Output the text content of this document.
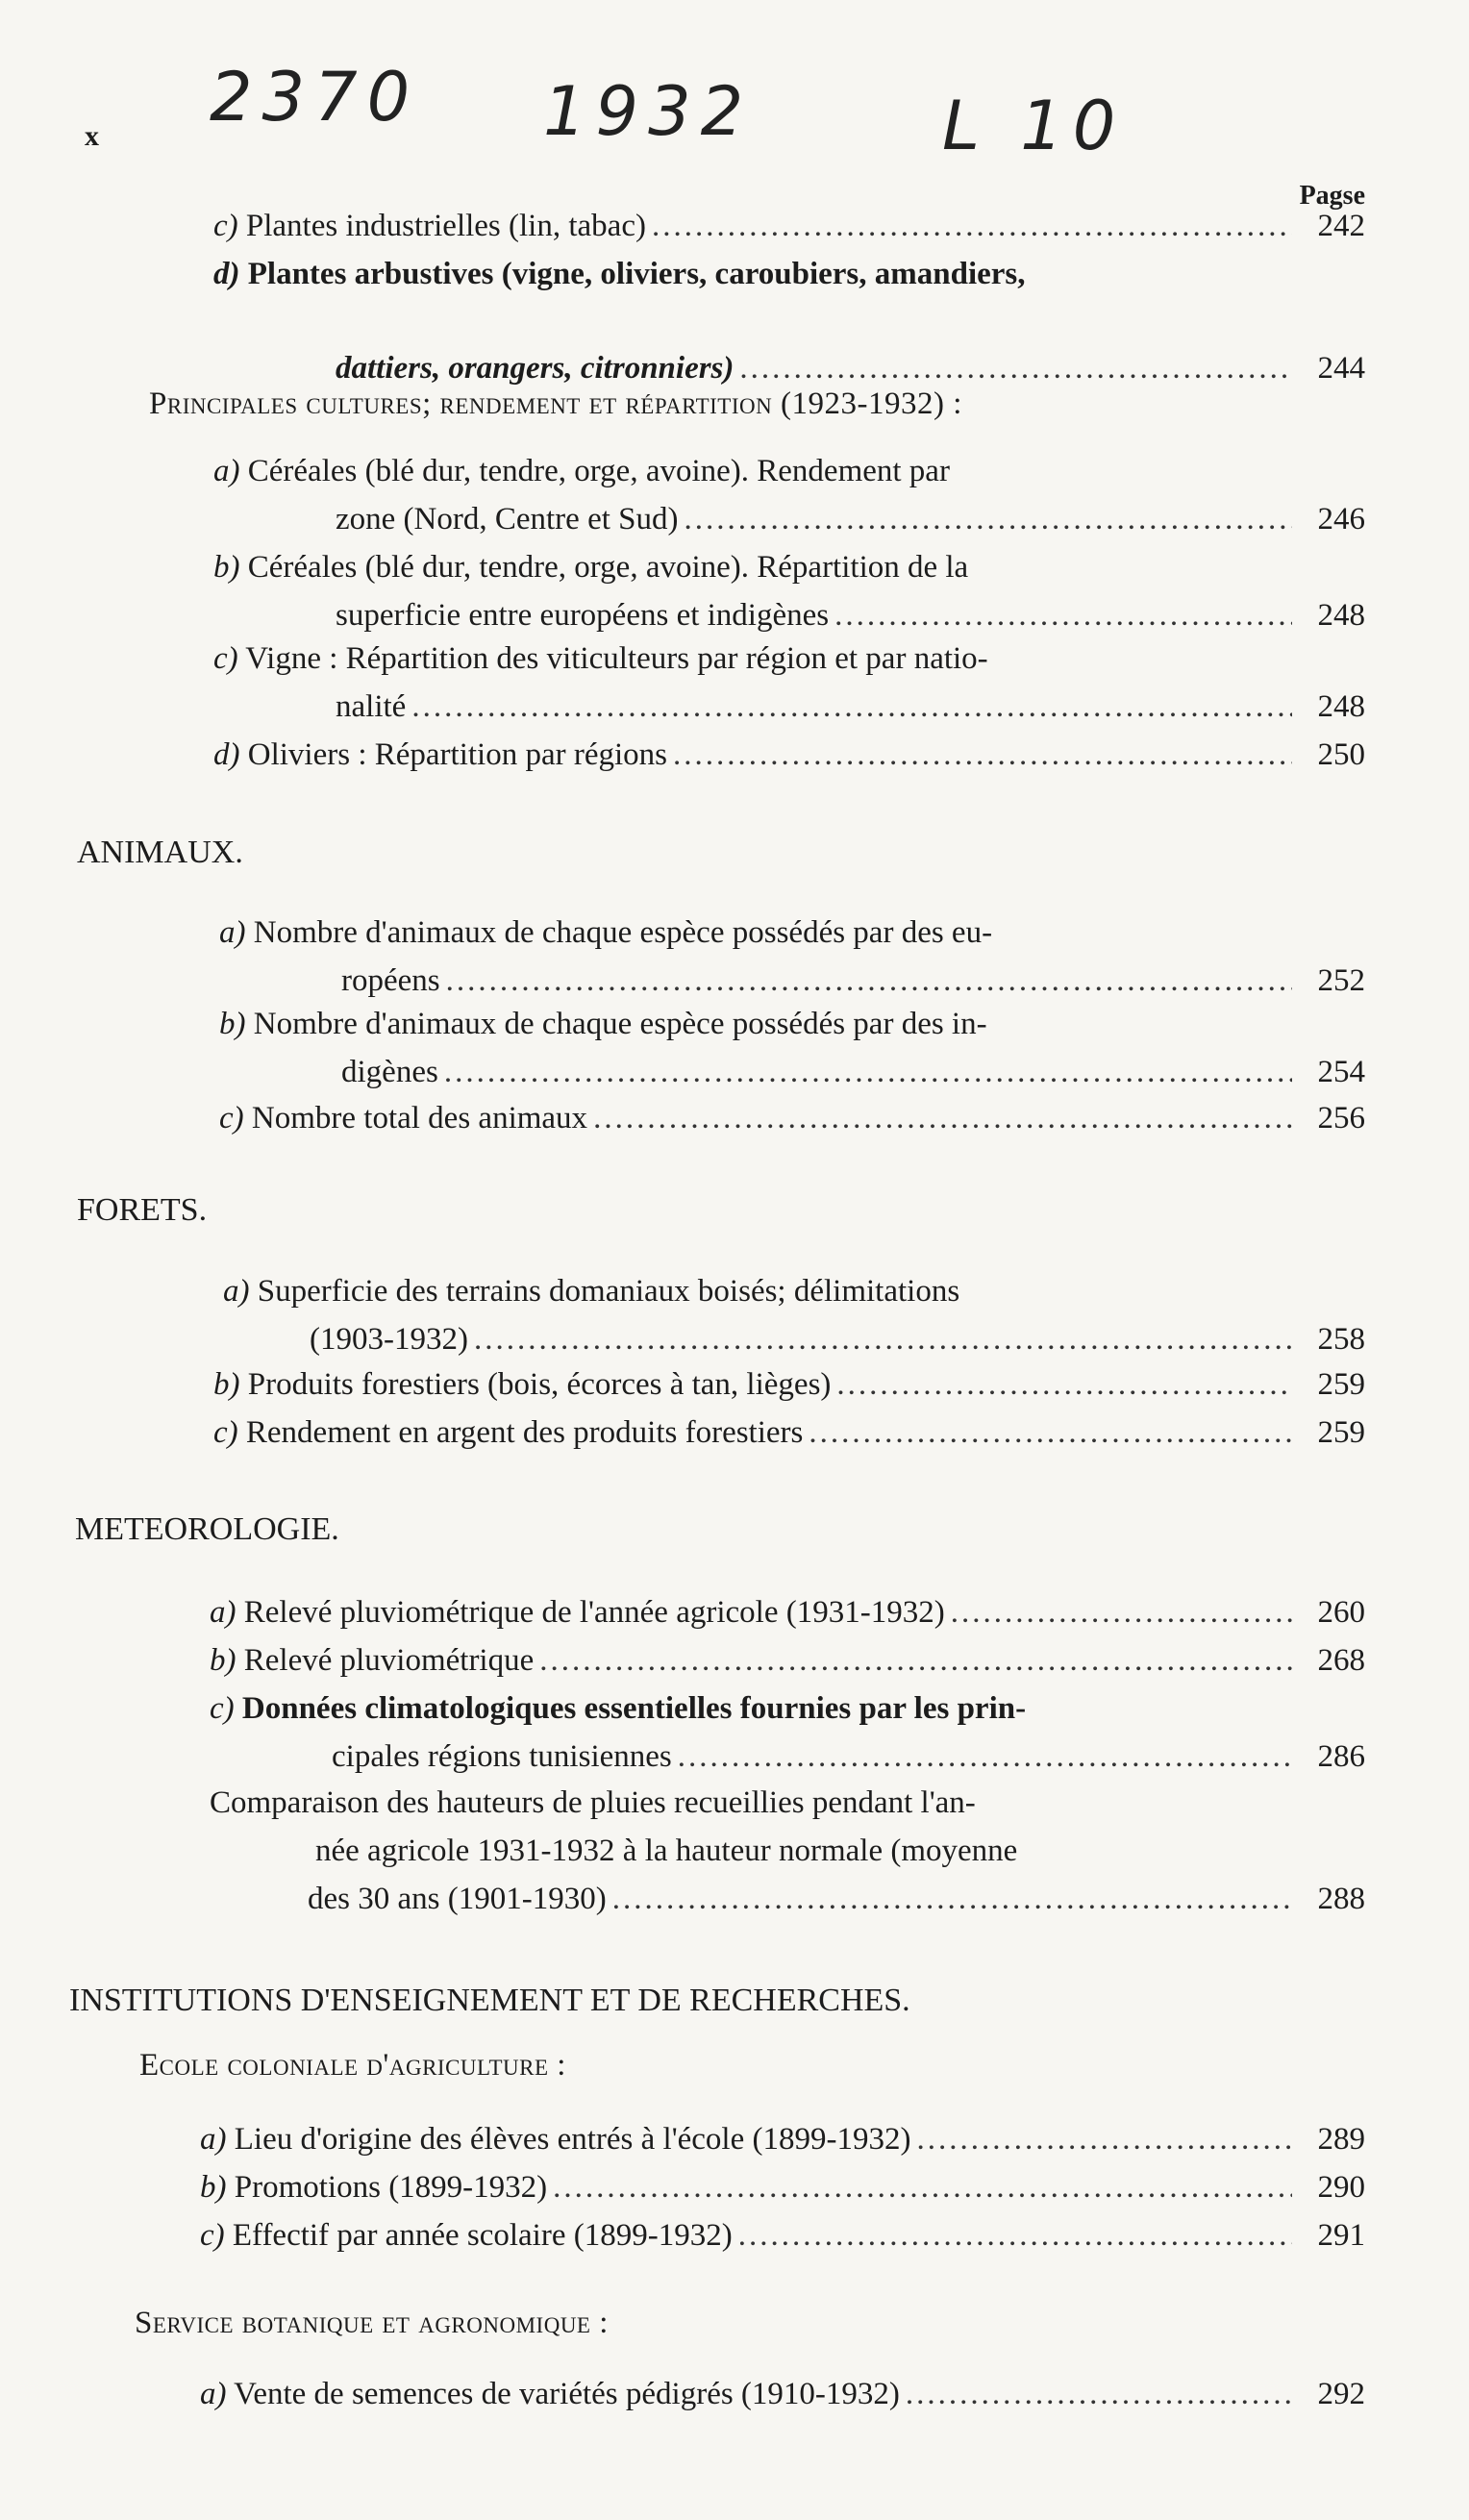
2370 1932	L 10
x
Pagse
c) Plantes industrielles (lin, tabac) .....	242
d) Plantes arbustives (vigne, oliviers, caroubiers, amandiers,
dattiers, orangers, citronniers) .....	244
Principales cultures; rendement et répartition (1923-1932) :
a) Céréales (blé dur, tendre, orge, avoine). Rendement par
zone (Nord, Centre et Sud) .....	246
b) Céréales (blé dur, tendre, orge, avoine). Répartition de la
superficie entre européens et indigènes .....	248
c) Vigne : Répartition des viticulteurs par région et par natio-
nalité .....	248
d) Oliviers : Répartition par régions .....	250
ANIMAUX.
a) Nombre d'animaux de chaque espèce possédés par des eu-
ropéens .....	252
b) Nombre d'animaux de chaque espèce possédés par des in-
digènes .....	254
c) Nombre total des animaux .....	256
FORETS.
a) Superficie des terrains domaniaux boisés; délimitations
(1903-1932) .....	258
b) Produits forestiers (bois, écorces à tan, lièges) .....	259
c) Rendement en argent des produits forestiers .....	259
METEOROLOGIE.
a) Relevé pluviométrique de l'année agricole (1931-1932) .....	260
b) Relevé pluviométrique .....	268
c) Données climatologiques essentielles fournies par les prin-
cipales régions tunisiennes .....	286
Comparaison des hauteurs de pluies recueillies pendant l'an-
née agricole 1931-1932 à la hauteur normale (moyenne
des 30 ans (1901-1930) .....	288
INSTITUTIONS D'ENSEIGNEMENT ET DE RECHERCHES.
Ecole coloniale d'agriculture :
a) Lieu d'origine des élèves entrés à l'école (1899-1932) .....	289
b) Promotions (1899-1932) .....	290
c) Effectif par année scolaire (1899-1932) .....	291
Service botanique et agronomique :
a) Vente de semences de variétés pédigrés (1910-1932) .....	292
